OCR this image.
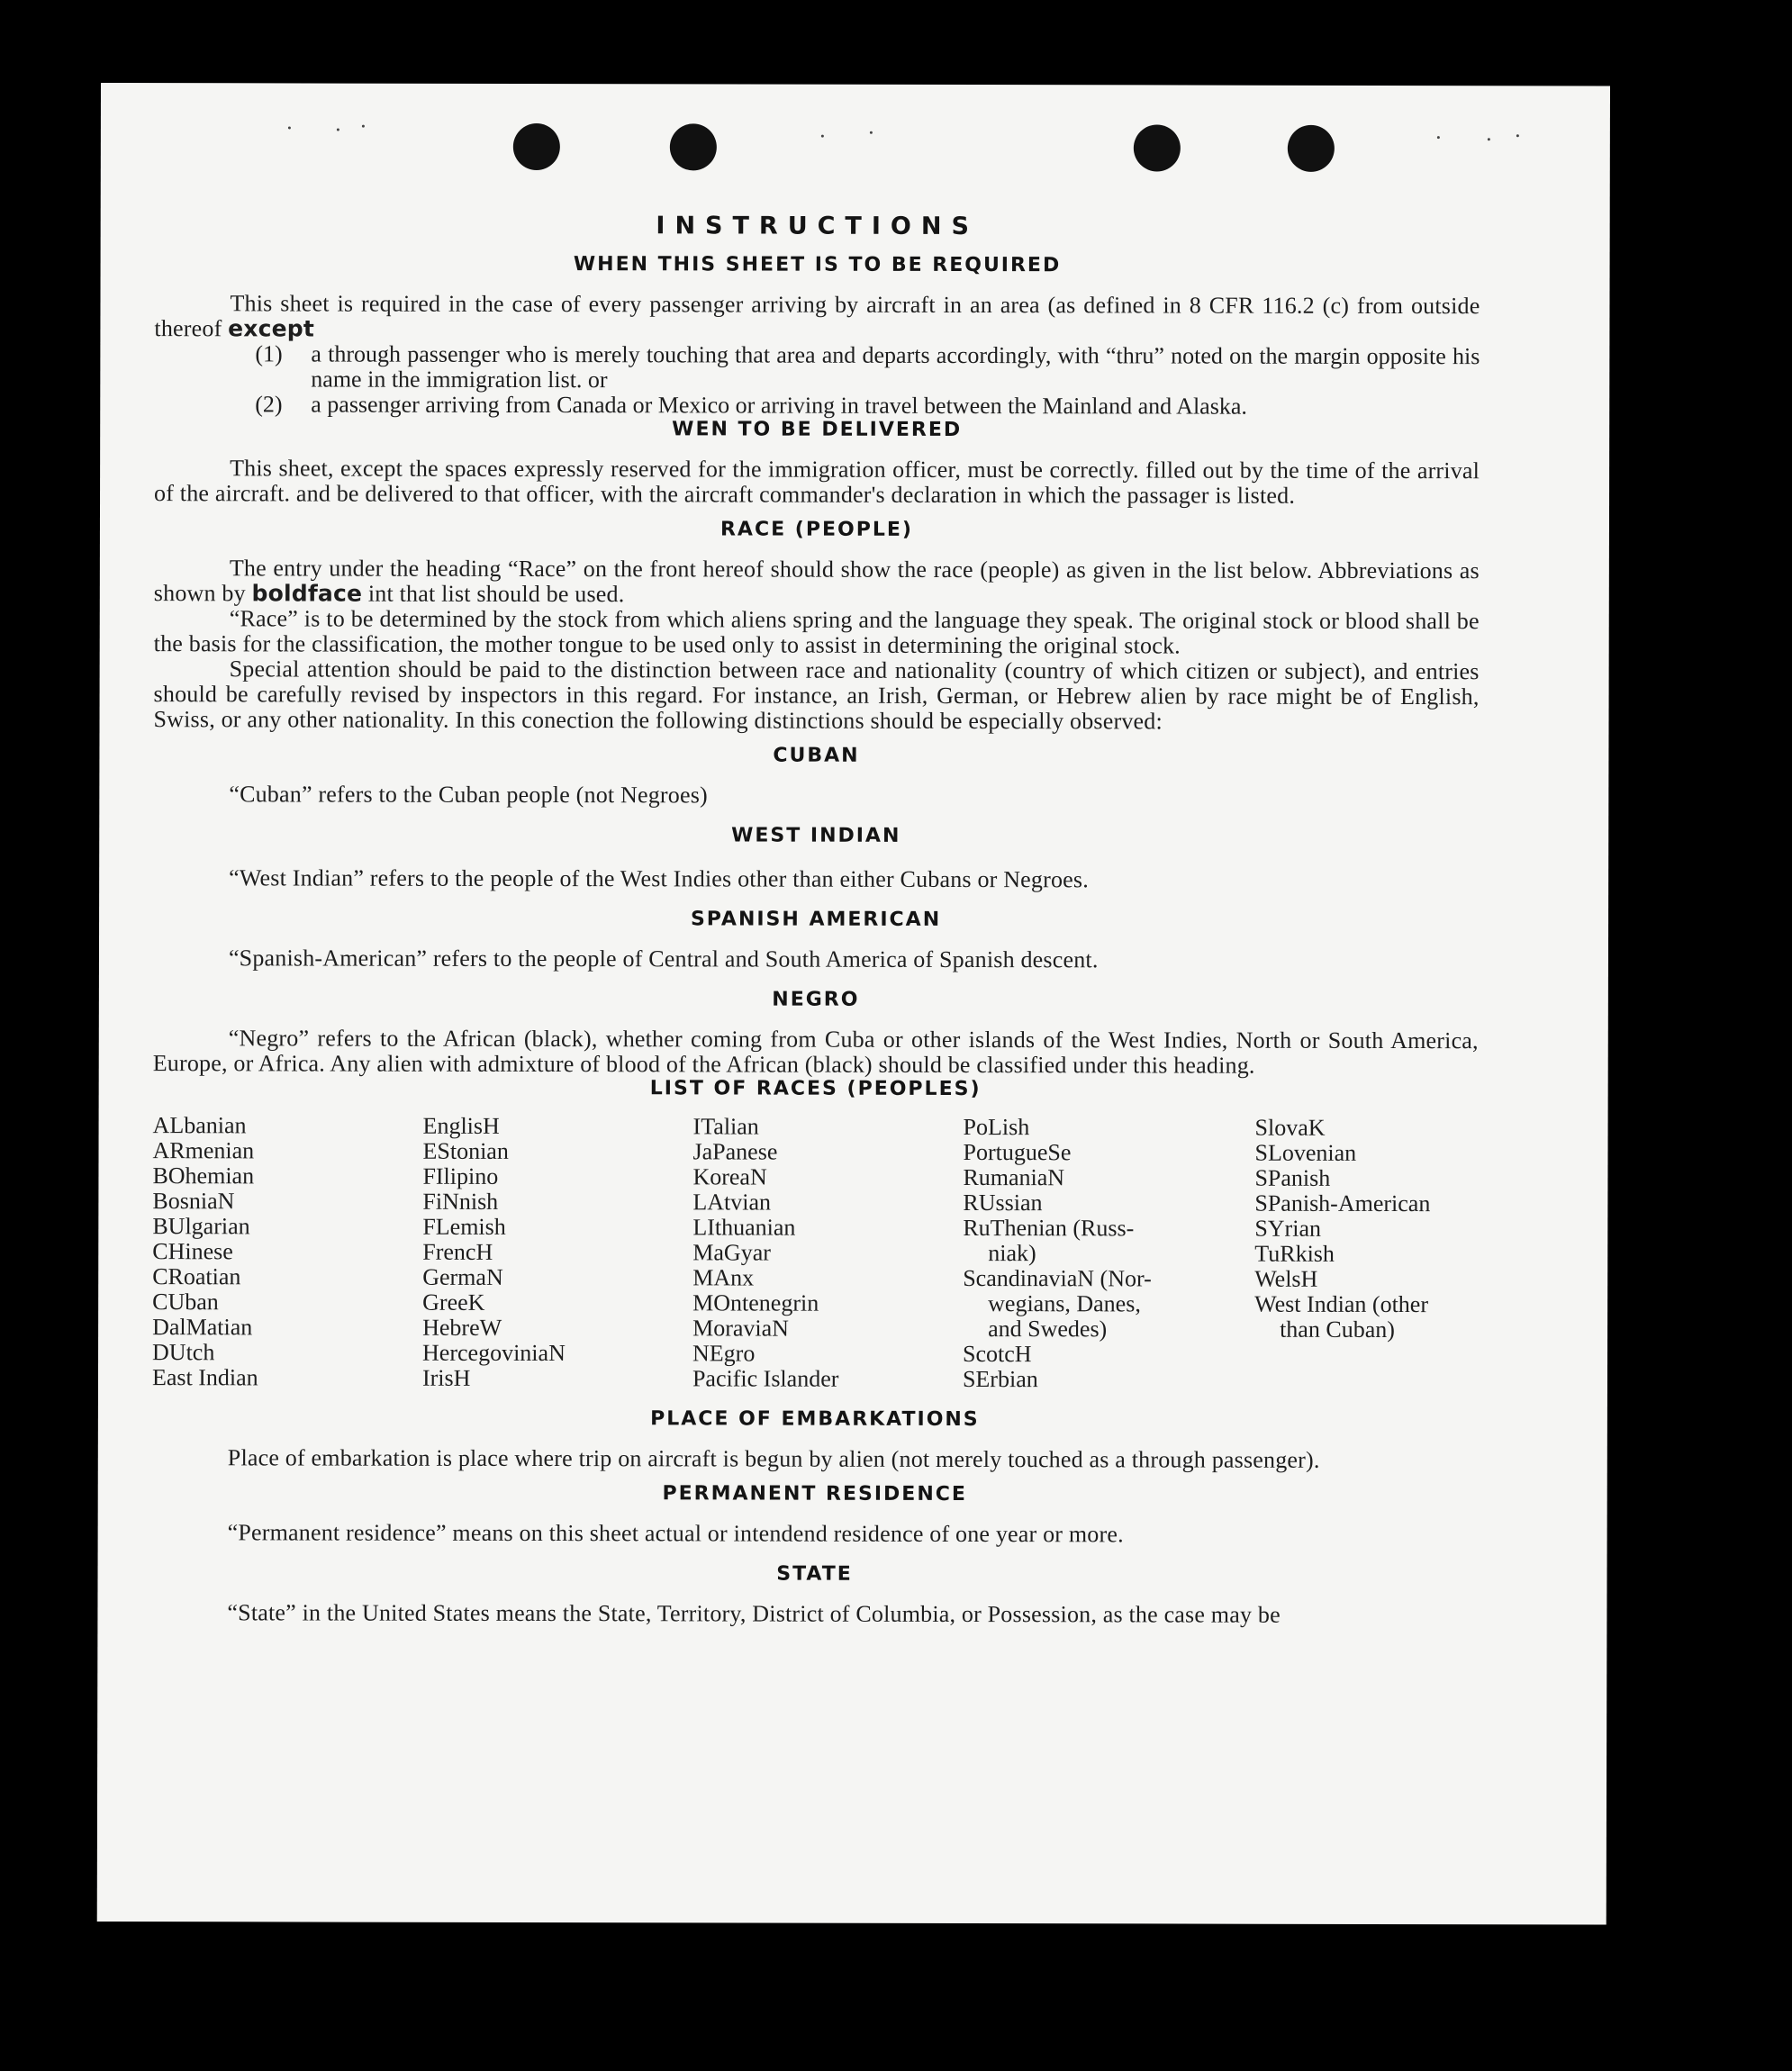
INSTRUCTIONS

WHEN THIS SHEET IS TO BE REQUIRED

This sheet is required in the case of every passenger arriving by aircraft in an area (as defined in 8 CFR 116.2 (c) from outside thereof except

(1)	a through passenger who is merely touching that area and departs accordingly, with “thru” noted on the margin opposite his name in the immigration list. or
(2)	a passenger arriving from Canada or Mexico or arriving in travel between the Mainland and Alaska.

WEN TO BE DELIVERED

This sheet, except the spaces expressly reserved for the immigration officer, must be correctly. filled out by the time of the arrival of the aircraft. and be delivered to that officer, with the aircraft commander's declaration in which the passager is listed.

RACE (PEOPLE)

The entry under the heading “Race” on the front hereof should show the race (people) as given in the list below. Abbreviations as shown by boldface int that list should be used.

“Race” is to be determined by the stock from which aliens spring and the language they speak. The original stock or blood shall be the basis for the classification, the mother tongue to be used only to assist in determining the original stock.

Special attention should be paid to the distinction between race and nationality (country of which citizen or subject), and entries should be carefully revised by inspectors in this regard. For instance, an Irish, German, or Hebrew alien by race might be of English, Swiss, or any other nationality. In this conection the following distinctions should be especially observed:

CUBAN

“Cuban” refers to the Cuban people (not Negroes)

WEST INDIAN

“West Indian” refers to the people of the West Indies other than either Cubans or Negroes.

SPANISH AMERICAN

“Spanish-American” refers to the people of Central and South America of Spanish descent.

NEGRO

“Negro” refers to the African (black), whether coming from Cuba or other islands of the West Indies, North or South America, Europe, or Africa. Any alien with admixture of blood of the African (black) should be classified under this heading.

LIST OF RACES (PEOPLES)

ALbanian
ARmenian
BOhemian
BosniaN
BUlgarian
CHinese
CRoatian
CUban
DalMatian
DUtch
East Indian
EnglisH
EStonian
FIlipino
FiNnish
FLemish
FrencH
GermaN
GreeK
HebreW
HercegoviniaN
IrisH
ITalian
JaPanese
KoreaN
LAtvian
LIthuanian
MaGyar
MAnx
MOntenegrin
MoraviaN
NEgro
Pacific Islander
PoLish
PortugueSe
RumaniaN
RUssian
RuThenian (Russ-
niak)
ScandinaviaN (Nor-
wegians, Danes,
and Swedes)
ScotcH
SErbian
SlovaK
SLovenian
SPanish
SPanish-American
SYrian
TuRkish
WelsH
West Indian (other
than Cuban)

PLACE OF EMBARKATIONS

Place of embarkation is place where trip on aircraft is begun by alien (not merely touched as a through passenger).

PERMANENT RESIDENCE

“Permanent residence” means on this sheet actual or intendend residence of one year or more.

STATE

“State” in the United States means the State, Territory, District of Columbia, or Possession, as the case may be
